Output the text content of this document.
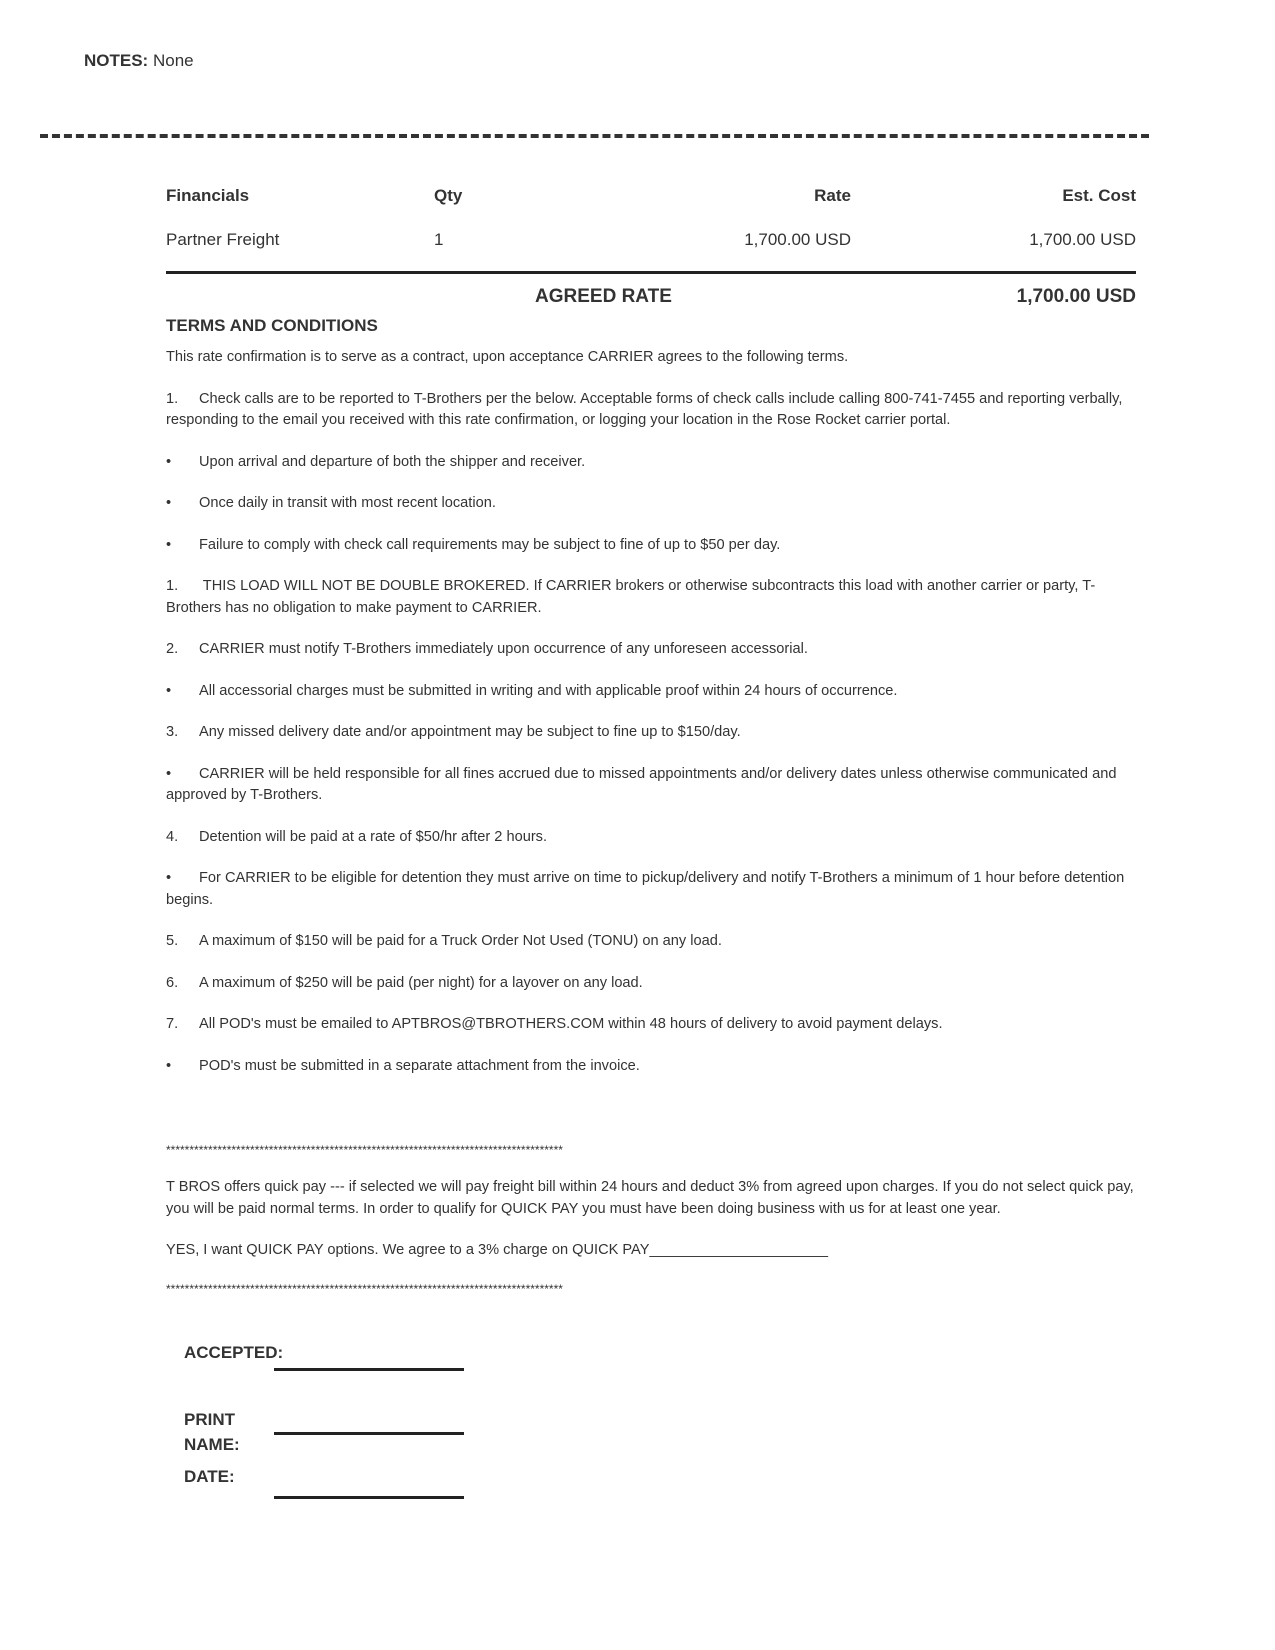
NOTES: None
Financials	Qty	Rate	Est. Cost
Partner Freight	1	1,700.00 USD	1,700.00 USD
AGREED RATE	1,700.00 USD
TERMS AND CONDITIONS

This rate confirmation is to serve as a contract, upon acceptance CARRIER agrees to the following terms.

1. Check calls are to be reported to T-Brothers per the below. Acceptable forms of check calls include calling 800-741-7455 and reporting verbally, responding to the email you received with this rate confirmation, or logging your location in the Rose Rocket carrier portal.

• Upon arrival and departure of both the shipper and receiver.

• Once daily in transit with most recent location.

• Failure to comply with check call requirements may be subject to fine of up to $50 per day.

1. THIS LOAD WILL NOT BE DOUBLE BROKERED. If CARRIER brokers or otherwise subcontracts this load with another carrier or party, T-Brothers has no obligation to make payment to CARRIER.

2. CARRIER must notify T-Brothers immediately upon occurrence of any unforeseen accessorial.

• All accessorial charges must be submitted in writing and with applicable proof within 24 hours of occurrence.

3. Any missed delivery date and/or appointment may be subject to fine up to $150/day.

• CARRIER will be held responsible for all fines accrued due to missed appointments and/or delivery dates unless otherwise communicated and approved by T-Brothers.

4. Detention will be paid at a rate of $50/hr after 2 hours.

• For CARRIER to be eligible for detention they must arrive on time to pickup/delivery and notify T-Brothers a minimum of 1 hour before detention begins.

5. A maximum of $150 will be paid for a Truck Order Not Used (TONU) on any load.

6. A maximum of $250 will be paid (per night) for a layover on any load.

7. All POD's must be emailed to APTBROS@TBROTHERS.COM within 48 hours of delivery to avoid payment delays.

• POD's must be submitted in a separate attachment from the invoice.

*************************************************************************************

T BROS offers quick pay --- if selected we will pay freight bill within 24 hours and deduct 3% from agreed upon charges. If you do not select quick pay, you will be paid normal terms. In order to qualify for QUICK PAY you must have been doing business with us for at least one year.

YES, I want QUICK PAY options. We agree to a 3% charge on QUICK PAY______________________

*************************************************************************************

ACCEPTED:
PRINT
NAME:
DATE:
